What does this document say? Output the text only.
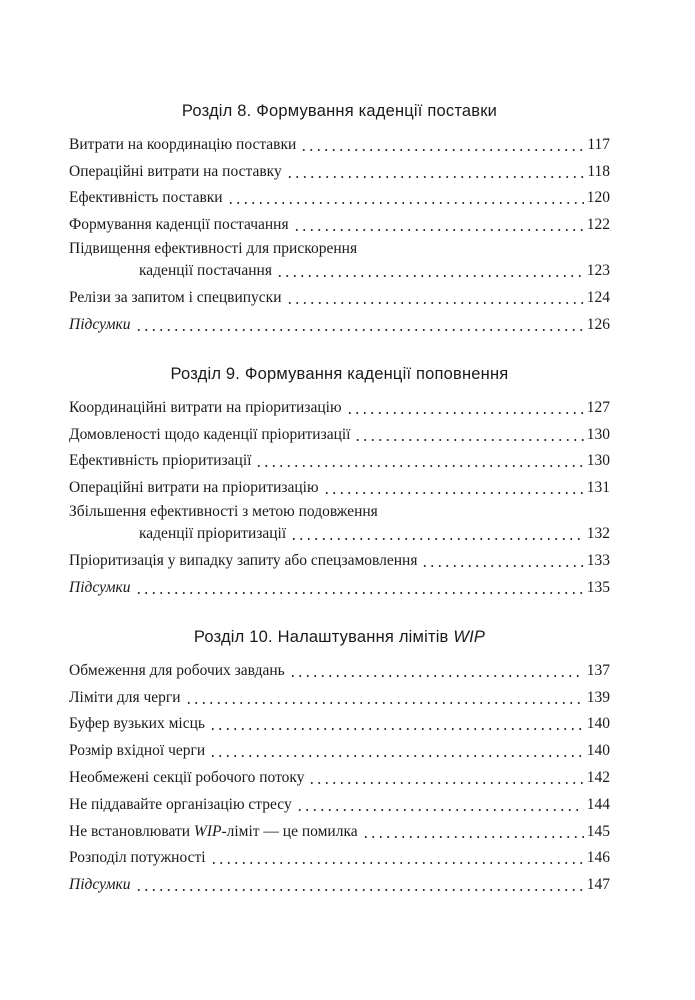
Розділ 8. Формування каденції поставки
Витрати на координацію поставки	117
Операційні витрати на поставку	118
Ефективність поставки	120
Формування каденції постачання	122
Підвищення ефективності для прискорення
каденції постачання	123
Релізи за запитом і спецвипуски	124
Підсумки	126
Розділ 9. Формування каденції поповнення
Координаційні витрати на пріоритизацію	127
Домовленості щодо каденції пріоритизації	130
Ефективність пріоритизації	130
Операційні витрати на пріоритизацію	131
Збільшення ефективності з метою подовження
каденції пріоритизації	132
Пріоритизація у випадку запиту або спецзамовлення	133
Підсумки	135
Розділ 10. Налаштування лімітів WIP
Обмеження для робочих завдань	137
Ліміти для черги	139
Буфер вузьких місць	140
Розмір вхідної черги	140
Необмежені секції робочого потоку	142
Не піддавайте організацію стресу	144
Не встановлювати WIP-ліміт — це помилка	145
Розподіл потужності	146
Підсумки	147
